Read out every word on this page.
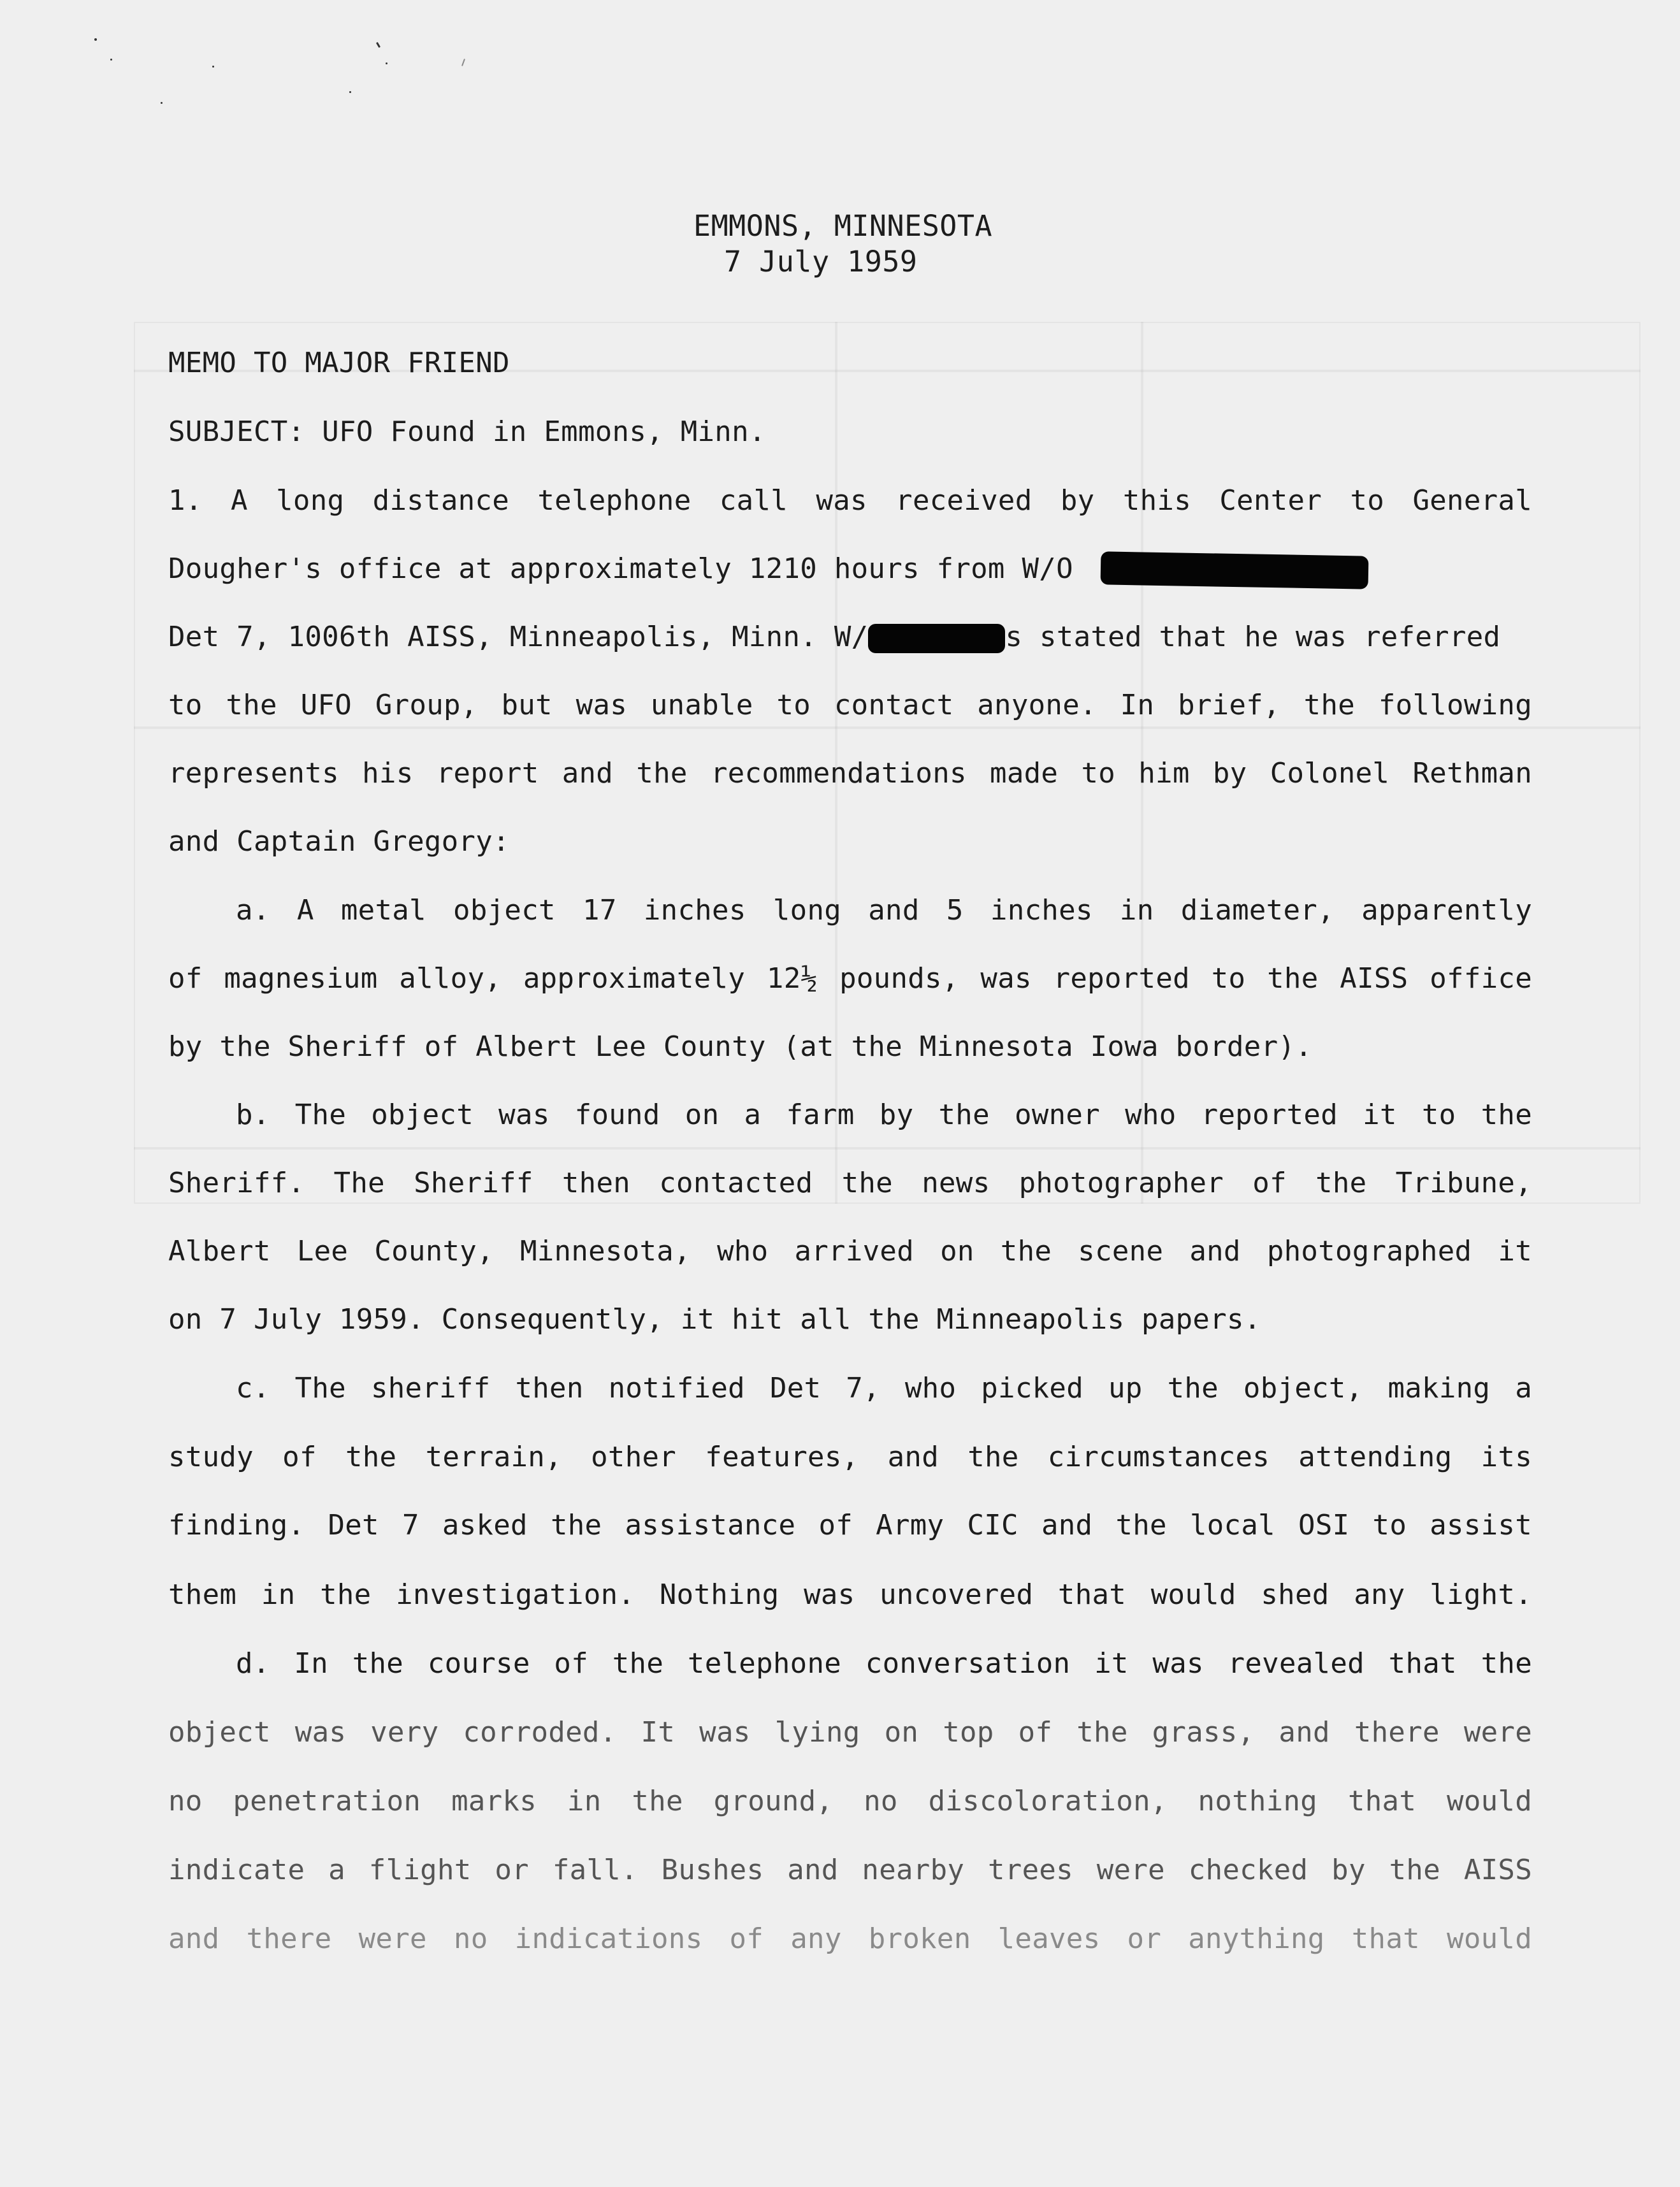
EMMONS, MINNESOTA
7 July 1959
MEMO TO MAJOR FRIEND
SUBJECT: UFO Found in Emmons, Minn.
1. A long distance telephone call was received by this Center to General
Dougher's office at approximately 1210 hours from W/O
Det 7, 1006th AISS, Minneapolis, Minn. W/	s stated that he was referred
to the UFO Group, but was unable to contact anyone. In brief, the following
represents his report and the recommendations made to him by Colonel Rethman
and Captain Gregory:
a. A metal object 17 inches long and 5 inches in diameter, apparently
of magnesium alloy, approximately 12½ pounds, was reported to the AISS office
by the Sheriff of Albert Lee County (at the Minnesota Iowa border).
b. The object was found on a farm by the owner who reported it to the
Sheriff. The Sheriff then contacted the news photographer of the Tribune,
Albert Lee County, Minnesota, who arrived on the scene and photographed it
on 7 July 1959. Consequently, it hit all the Minneapolis papers.
c. The sheriff then notified Det 7, who picked up the object, making a
study of the terrain, other features, and the circumstances attending its
finding. Det 7 asked the assistance of Army CIC and the local OSI to assist
them in the investigation. Nothing was uncovered that would shed any light.
d. In the course of the telephone conversation it was revealed that the
object was very corroded. It was lying on top of the grass, and there were
no penetration marks in the ground, no discoloration, nothing that would
indicate a flight or fall. Bushes and nearby trees were checked by the AISS
and there were no indications of any broken leaves or anything that would
